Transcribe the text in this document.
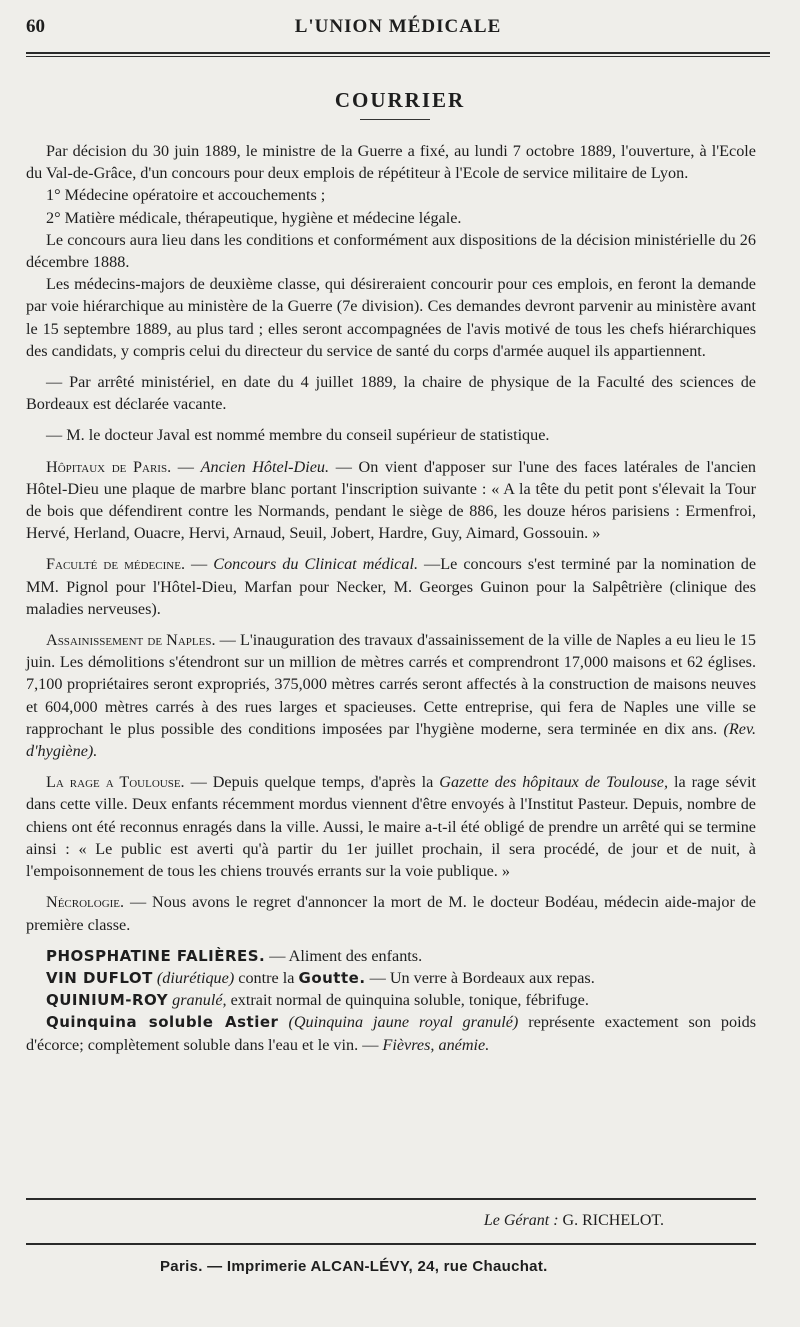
60	L'UNION MÉDICALE
COURRIER

Par décision du 30 juin 1889, le ministre de la Guerre a fixé, au lundi 7 octobre 1889, l'ouverture, à l'Ecole du Val-de-Grâce, d'un concours pour deux emplois de répétiteur à l'Ecole de service militaire de Lyon.

1° Médecine opératoire et accouchements ;

2° Matière médicale, thérapeutique, hygiène et médecine légale.

Le concours aura lieu dans les conditions et conformément aux dispositions de la décision ministérielle du 26 décembre 1888.

Les médecins-majors de deuxième classe, qui désireraient concourir pour ces emplois, en feront la demande par voie hiérarchique au ministère de la Guerre (7e division). Ces demandes devront parvenir au ministère avant le 15 septembre 1889, au plus tard ; elles seront accompagnées de l'avis motivé de tous les chefs hiérarchiques des candidats, y compris celui du directeur du service de santé du corps d'armée auquel ils appartiennent.

— Par arrêté ministériel, en date du 4 juillet 1889, la chaire de physique de la Faculté des sciences de Bordeaux est déclarée vacante.

— M. le docteur Javal est nommé membre du conseil supérieur de statistique.

Hôpitaux de Paris. — Ancien Hôtel-Dieu. — On vient d'apposer sur l'une des faces latérales de l'ancien Hôtel-Dieu une plaque de marbre blanc portant l'inscription suivante : « A la tête du petit pont s'élevait la Tour de bois que défendirent contre les Normands, pendant le siège de 886, les douze héros parisiens : Ermenfroi, Hervé, Herland, Ouacre, Hervi, Arnaud, Seuil, Jobert, Hardre, Guy, Aimard, Gossouin. »

Faculté de médecine. — Concours du Clinicat médical. —Le concours s'est terminé par la nomination de MM. Pignol pour l'Hôtel-Dieu, Marfan pour Necker, M. Georges Guinon pour la Salpêtrière (clinique des maladies nerveuses).

Assainissement de Naples. — L'inauguration des travaux d'assainissement de la ville de Naples a eu lieu le 15 juin. Les démolitions s'étendront sur un million de mètres carrés et comprendront 17,000 maisons et 62 églises. 7,100 propriétaires seront expropriés, 375,000 mètres carrés seront affectés à la construction de maisons neuves et 604,000 mètres carrés à des rues larges et spacieuses. Cette entreprise, qui fera de Naples une ville se rapprochant le plus possible des conditions imposées par l'hygiène moderne, sera terminée en dix ans. (Rev. d'hygiène).

La rage a Toulouse. — Depuis quelque temps, d'après la Gazette des hôpitaux de Toulouse, la rage sévit dans cette ville. Deux enfants récemment mordus viennent d'être envoyés à l'Institut Pasteur. Depuis, nombre de chiens ont été reconnus enragés dans la ville. Aussi, le maire a-t-il été obligé de prendre un arrêté qui se termine ainsi : « Le public est averti qu'à partir du 1er juillet prochain, il sera procédé, de jour et de nuit, à l'empoisonnement de tous les chiens trouvés errants sur la voie publique. »

Nécrologie. — Nous avons le regret d'annoncer la mort de M. le docteur Bodéau, médecin aide-major de première classe.

PHOSPHATINE FALIÈRES. — Aliment des enfants.

VIN DUFLOT (diurétique) contre la Goutte. — Un verre à Bordeaux aux repas.

QUINIUM-ROY granulé, extrait normal de quinquina soluble, tonique, fébrifuge.

Quinquina soluble Astier (Quinquina jaune royal granulé) représente exactement son poids d'écorce; complètement soluble dans l'eau et le vin. — Fièvres, anémie.

Le Gérant : G. RICHELOT.
Paris. — Imprimerie ALCAN-LÉVY, 24, rue Chauchat.
